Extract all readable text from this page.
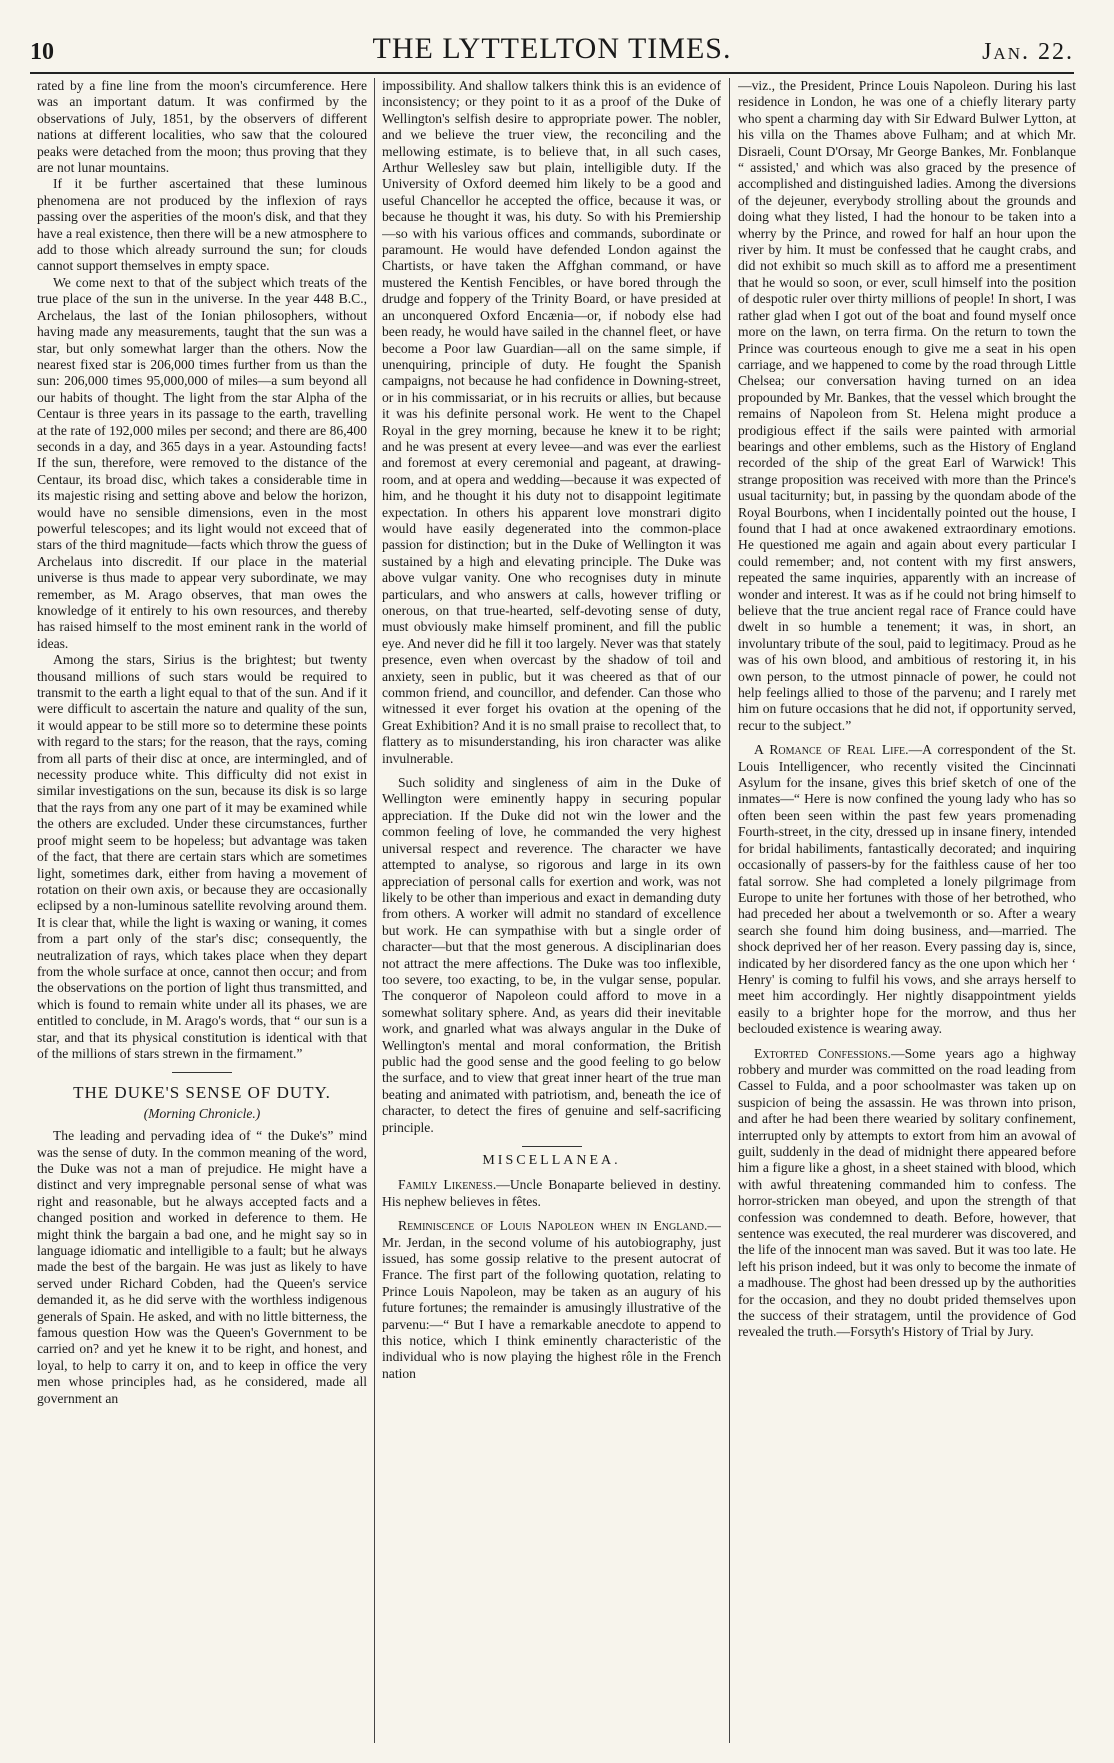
10	THE LYTTELTON TIMES.	Jan. 22.

rated by a fine line from the moon's circumference. Here was an important datum. It was confirmed by the observations of July, 1851, by the observers of different nations at different localities, who saw that the coloured peaks were detached from the moon; thus proving that they are not lunar mountains.

If it be further ascertained that these luminous phenomena are not produced by the inflexion of rays passing over the asperities of the moon's disk, and that they have a real existence, then there will be a new atmosphere to add to those which already surround the sun; for clouds cannot support themselves in empty space.

We come next to that of the subject which treats of the true place of the sun in the universe. In the year 448 B.C., Archelaus, the last of the Ionian philosophers, without having made any measurements, taught that the sun was a star, but only somewhat larger than the others. Now the nearest fixed star is 206,000 times further from us than the sun: 206,000 times 95,000,000 of miles—a sum beyond all our habits of thought. The light from the star Alpha of the Centaur is three years in its passage to the earth, travelling at the rate of 192,000 miles per second; and there are 86,400 seconds in a day, and 365 days in a year. Astounding facts! If the sun, therefore, were removed to the distance of the Centaur, its broad disc, which takes a considerable time in its majestic rising and setting above and below the horizon, would have no sensible dimensions, even in the most powerful telescopes; and its light would not exceed that of stars of the third magnitude—facts which throw the guess of Archelaus into discredit. If our place in the material universe is thus made to appear very subordinate, we may remember, as M. Arago observes, that man owes the knowledge of it entirely to his own resources, and thereby has raised himself to the most eminent rank in the world of ideas.

Among the stars, Sirius is the brightest; but twenty thousand millions of such stars would be required to transmit to the earth a light equal to that of the sun. And if it were difficult to ascertain the nature and quality of the sun, it would appear to be still more so to determine these points with regard to the stars; for the reason, that the rays, coming from all parts of their disc at once, are intermingled, and of necessity produce white. This difficulty did not exist in similar investigations on the sun, because its disk is so large that the rays from any one part of it may be examined while the others are excluded. Under these circumstances, further proof might seem to be hopeless; but advantage was taken of the fact, that there are certain stars which are sometimes light, sometimes dark, either from having a movement of rotation on their own axis, or because they are occasionally eclipsed by a non-luminous satellite revolving around them. It is clear that, while the light is waxing or waning, it comes from a part only of the star's disc; consequently, the neutralization of rays, which takes place when they depart from the whole surface at once, cannot then occur; and from the observations on the portion of light thus transmitted, and which is found to remain white under all its phases, we are entitled to conclude, in M. Arago's words, that “ our sun is a star, and that its physical constitution is identical with that of the millions of stars strewn in the firmament.”

THE DUKE'S SENSE OF DUTY.
(Morning Chronicle.)

The leading and pervading idea of “ the Duke's” mind was the sense of duty. In the common meaning of the word, the Duke was not a man of prejudice. He might have a distinct and very impregnable personal sense of what was right and reasonable, but he always accepted facts and a changed position and worked in deference to them. He might think the bargain a bad one, and he might say so in language idiomatic and intelligible to a fault; but he always made the best of the bargain. He was just as likely to have served under Richard Cobden, had the Queen's service demanded it, as he did serve with the worthless indigenous generals of Spain. He asked, and with no little bitterness, the famous question How was the Queen's Government to be carried on? and yet he knew it to be right, and honest, and loyal, to help to carry it on, and to keep in office the very men whose principles had, as he considered, made all government an

impossibility. And shallow talkers think this is an evidence of inconsistency; or they point to it as a proof of the Duke of Wellington's selfish desire to appropriate power. The nobler, and we believe the truer view, the reconciling and the mellowing estimate, is to believe that, in all such cases, Arthur Wellesley saw but plain, intelligible duty. If the University of Oxford deemed him likely to be a good and useful Chancellor he accepted the office, because it was, or because he thought it was, his duty. So with his Premiership—so with his various offices and commands, subordinate or paramount. He would have defended London against the Chartists, or have taken the Affghan command, or have mustered the Kentish Fencibles, or have bored through the drudge and foppery of the Trinity Board, or have presided at an unconquered Oxford Encænia—or, if nobody else had been ready, he would have sailed in the channel fleet, or have become a Poor law Guardian—all on the same simple, if unenquiring, principle of duty. He fought the Spanish campaigns, not because he had confidence in Downing-street, or in his commissariat, or in his recruits or allies, but because it was his definite personal work. He went to the Chapel Royal in the grey morning, because he knew it to be right; and he was present at every levee—and was ever the earliest and foremost at every ceremonial and pageant, at drawing-room, and at opera and wedding—because it was expected of him, and he thought it his duty not to disappoint legitimate expectation. In others his apparent love monstrari digito would have easily degenerated into the common-place passion for distinction; but in the Duke of Wellington it was sustained by a high and elevating principle. The Duke was above vulgar vanity. One who recognises duty in minute particulars, and who answers at calls, however trifling or onerous, on that true-hearted, self-devoting sense of duty, must obviously make himself prominent, and fill the public eye. And never did he fill it too largely. Never was that stately presence, even when overcast by the shadow of toil and anxiety, seen in public, but it was cheered as that of our common friend, and councillor, and defender. Can those who witnessed it ever forget his ovation at the opening of the Great Exhibition? And it is no small praise to recollect that, to flattery as to misunderstanding, his iron character was alike invulnerable.

Such solidity and singleness of aim in the Duke of Wellington were eminently happy in securing popular appreciation. If the Duke did not win the lower and the common feeling of love, he commanded the very highest universal respect and reverence. The character we have attempted to analyse, so rigorous and large in its own appreciation of personal calls for exertion and work, was not likely to be other than imperious and exact in demanding duty from others. A worker will admit no standard of excellence but work. He can sympathise with but a single order of character—but that the most generous. A disciplinarian does not attract the mere affections. The Duke was too inflexible, too severe, too exacting, to be, in the vulgar sense, popular. The conqueror of Napoleon could afford to move in a somewhat solitary sphere. And, as years did their inevitable work, and gnarled what was always angular in the Duke of Wellington's mental and moral conformation, the British public had the good sense and the good feeling to go below the surface, and to view that great inner heart of the true man beating and animated with patriotism, and, beneath the ice of character, to detect the fires of genuine and self-sacrificing principle.

MISCELLANEA.

Family Likeness.—Uncle Bonaparte believed in destiny. His nephew believes in fêtes.

Reminiscence of Louis Napoleon when in England.—Mr. Jerdan, in the second volume of his autobiography, just issued, has some gossip relative to the present autocrat of France. The first part of the following quotation, relating to Prince Louis Napoleon, may be taken as an augury of his future fortunes; the remainder is amusingly illustrative of the parvenu:—“ But I have a remarkable anecdote to append to this notice, which I think eminently characteristic of the individual who is now playing the highest rôle in the French nation

—viz., the President, Prince Louis Napoleon. During his last residence in London, he was one of a chiefly literary party who spent a charming day with Sir Edward Bulwer Lytton, at his villa on the Thames above Fulham; and at which Mr. Disraeli, Count D'Orsay, Mr George Bankes, Mr. Fonblanque “ assisted,' and which was also graced by the presence of accomplished and distinguished ladies. Among the diversions of the dejeuner, everybody strolling about the grounds and doing what they listed, I had the honour to be taken into a wherry by the Prince, and rowed for half an hour upon the river by him. It must be confessed that he caught crabs, and did not exhibit so much skill as to afford me a presentiment that he would so soon, or ever, scull himself into the position of despotic ruler over thirty millions of people! In short, I was rather glad when I got out of the boat and found myself once more on the lawn, on terra firma. On the return to town the Prince was courteous enough to give me a seat in his open carriage, and we happened to come by the road through Little Chelsea; our conversation having turned on an idea propounded by Mr. Bankes, that the vessel which brought the remains of Napoleon from St. Helena might produce a prodigious effect if the sails were painted with armorial bearings and other emblems, such as the History of England recorded of the ship of the great Earl of Warwick! This strange proposition was received with more than the Prince's usual taciturnity; but, in passing by the quondam abode of the Royal Bourbons, when I incidentally pointed out the house, I found that I had at once awakened extraordinary emotions. He questioned me again and again about every particular I could remember; and, not content with my first answers, repeated the same inquiries, apparently with an increase of wonder and interest. It was as if he could not bring himself to believe that the true ancient regal race of France could have dwelt in so humble a tenement; it was, in short, an involuntary tribute of the soul, paid to legitimacy. Proud as he was of his own blood, and ambitious of restoring it, in his own person, to the utmost pinnacle of power, he could not help feelings allied to those of the parvenu; and I rarely met him on future occasions that he did not, if opportunity served, recur to the subject.”

A Romance of Real Life.—A correspondent of the St. Louis Intelligencer, who recently visited the Cincinnati Asylum for the insane, gives this brief sketch of one of the inmates—“ Here is now confined the young lady who has so often been seen within the past few years promenading Fourth-street, in the city, dressed up in insane finery, intended for bridal habiliments, fantastically decorated; and inquiring occasionally of passers-by for the faithless cause of her too fatal sorrow. She had completed a lonely pilgrimage from Europe to unite her fortunes with those of her betrothed, who had preceded her about a twelvemonth or so. After a weary search she found him doing business, and—married. The shock deprived her of her reason. Every passing day is, since, indicated by her disordered fancy as the one upon which her ‘ Henry' is coming to fulfil his vows, and she arrays herself to meet him accordingly. Her nightly disappointment yields easily to a brighter hope for the morrow, and thus her beclouded existence is wearing away.

Extorted Confessions.—Some years ago a highway robbery and murder was committed on the road leading from Cassel to Fulda, and a poor schoolmaster was taken up on suspicion of being the assassin. He was thrown into prison, and after he had been there wearied by solitary confinement, interrupted only by attempts to extort from him an avowal of guilt, suddenly in the dead of midnight there appeared before him a figure like a ghost, in a sheet stained with blood, which with awful threatening commanded him to confess. The horror-stricken man obeyed, and upon the strength of that confession was condemned to death. Before, however, that sentence was executed, the real murderer was discovered, and the life of the innocent man was saved. But it was too late. He left his prison indeed, but it was only to become the inmate of a madhouse. The ghost had been dressed up by the authorities for the occasion, and they no doubt prided themselves upon the success of their stratagem, until the providence of God revealed the truth.—Forsyth's History of Trial by Jury.
